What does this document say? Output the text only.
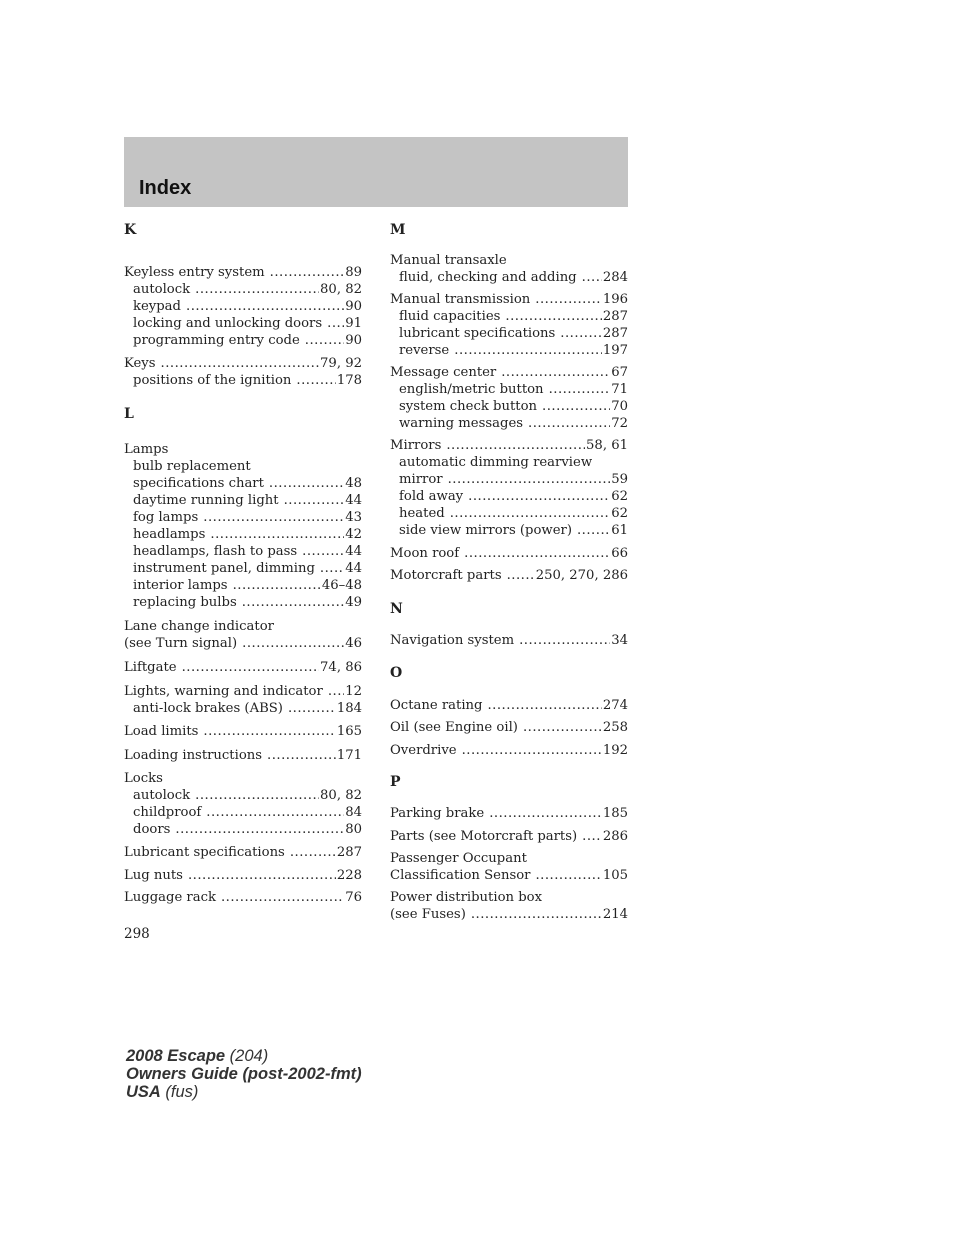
Index
K
Keyless entry system .....	89
autolock .....	80, 82
keypad .....	90
locking and unlocking doors ..... 91
programming entry code .....	90
Keys .....	79, 92
positions of the ignition .....	178
L
Lamps
bulb replacement
specifications chart .....	48
daytime running light .....	44
fog lamps .....	43
headlamps .....	42
headlamps, flash to pass .....	44
instrument panel, dimming ..... 44
interior lamps .....	46–48
replacing bulbs .....	49
Lane change indicator
(see Turn signal) .....	46
Liftgate .....	74, 86
Lights, warning and indicator ..... 12
anti-lock brakes (ABS) .....	184
Load limits .....	165
Loading instructions .....	171
Locks
autolock .....	80, 82
childproof .....	84
doors .....	80
Lubricant specifications .....	287
Lug nuts .....	228
Luggage rack .....	76
M
Manual transaxle
fluid, checking and adding ..... 284
Manual transmission .....	196
fluid capacities .....	287
lubricant specifications .....	287
reverse .....	197
Message center .....	67
english/metric button .....	71
system check button .....	70
warning messages .....	72
Mirrors .....	58, 61
automatic dimming rearview
mirror .....	59
fold away .....	62
heated .....	62
side view mirrors (power) .....	61
Moon roof .....	66
Motorcraft parts .....	250, 270, 286
N
Navigation system .....	34
O
Octane rating .....	274
Oil (see Engine oil) .....	258
Overdrive .....	192
P
Parking brake .....	185
Parts (see Motorcraft parts) ..... 286
Passenger Occupant
Classification Sensor .....	105
Power distribution box
(see Fuses) .....	214
298
2008 Escape (204)
Owners Guide (post-2002-fmt)
USA (fus)
